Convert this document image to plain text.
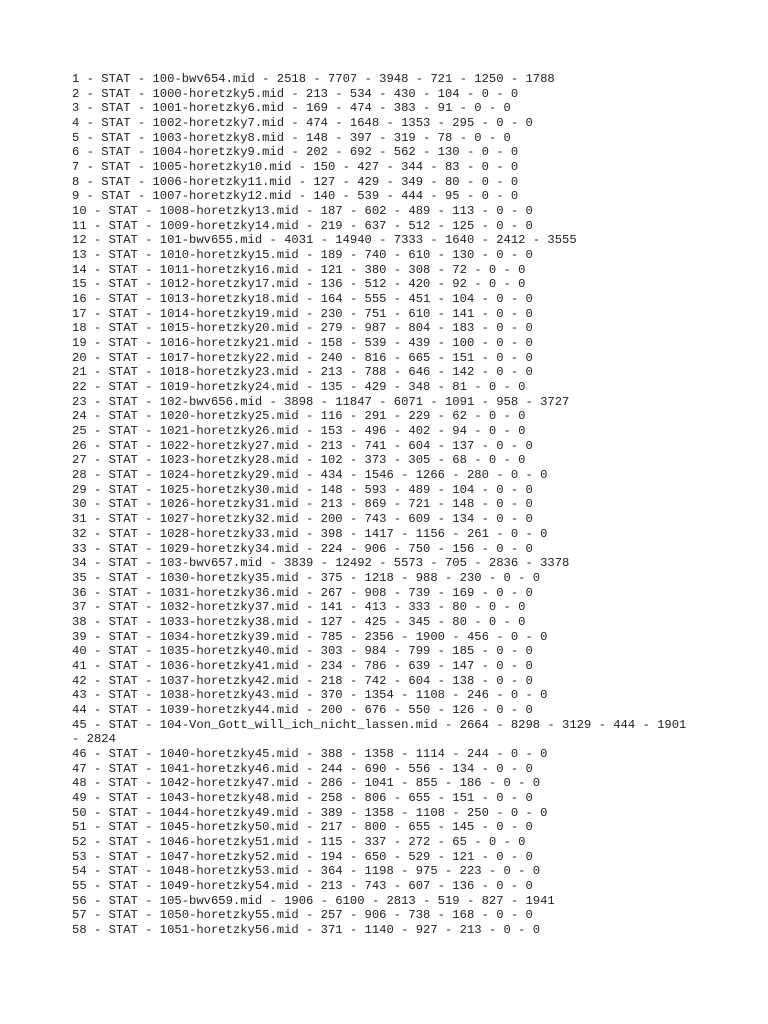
1 - STAT - 100-bwv654.mid - 2518 - 7707 - 3948 - 721 - 1250 - 1788
2 - STAT - 1000-horetzky5.mid - 213 - 534 - 430 - 104 - 0 - 0
3 - STAT - 1001-horetzky6.mid - 169 - 474 - 383 - 91 - 0 - 0
4 - STAT - 1002-horetzky7.mid - 474 - 1648 - 1353 - 295 - 0 - 0
5 - STAT - 1003-horetzky8.mid - 148 - 397 - 319 - 78 - 0 - 0
6 - STAT - 1004-horetzky9.mid - 202 - 692 - 562 - 130 - 0 - 0
7 - STAT - 1005-horetzky10.mid - 150 - 427 - 344 - 83 - 0 - 0
8 - STAT - 1006-horetzky11.mid - 127 - 429 - 349 - 80 - 0 - 0
9 - STAT - 1007-horetzky12.mid - 140 - 539 - 444 - 95 - 0 - 0
10 - STAT - 1008-horetzky13.mid - 187 - 602 - 489 - 113 - 0 - 0
11 - STAT - 1009-horetzky14.mid - 219 - 637 - 512 - 125 - 0 - 0
12 - STAT - 101-bwv655.mid - 4031 - 14940 - 7333 - 1640 - 2412 - 3555
13 - STAT - 1010-horetzky15.mid - 189 - 740 - 610 - 130 - 0 - 0
14 - STAT - 1011-horetzky16.mid - 121 - 380 - 308 - 72 - 0 - 0
15 - STAT - 1012-horetzky17.mid - 136 - 512 - 420 - 92 - 0 - 0
16 - STAT - 1013-horetzky18.mid - 164 - 555 - 451 - 104 - 0 - 0
17 - STAT - 1014-horetzky19.mid - 230 - 751 - 610 - 141 - 0 - 0
18 - STAT - 1015-horetzky20.mid - 279 - 987 - 804 - 183 - 0 - 0
19 - STAT - 1016-horetzky21.mid - 158 - 539 - 439 - 100 - 0 - 0
20 - STAT - 1017-horetzky22.mid - 240 - 816 - 665 - 151 - 0 - 0
21 - STAT - 1018-horetzky23.mid - 213 - 788 - 646 - 142 - 0 - 0
22 - STAT - 1019-horetzky24.mid - 135 - 429 - 348 - 81 - 0 - 0
23 - STAT - 102-bwv656.mid - 3898 - 11847 - 6071 - 1091 - 958 - 3727
24 - STAT - 1020-horetzky25.mid - 116 - 291 - 229 - 62 - 0 - 0
25 - STAT - 1021-horetzky26.mid - 153 - 496 - 402 - 94 - 0 - 0
26 - STAT - 1022-horetzky27.mid - 213 - 741 - 604 - 137 - 0 - 0
27 - STAT - 1023-horetzky28.mid - 102 - 373 - 305 - 68 - 0 - 0
28 - STAT - 1024-horetzky29.mid - 434 - 1546 - 1266 - 280 - 0 - 0
29 - STAT - 1025-horetzky30.mid - 148 - 593 - 489 - 104 - 0 - 0
30 - STAT - 1026-horetzky31.mid - 213 - 869 - 721 - 148 - 0 - 0
31 - STAT - 1027-horetzky32.mid - 200 - 743 - 609 - 134 - 0 - 0
32 - STAT - 1028-horetzky33.mid - 398 - 1417 - 1156 - 261 - 0 - 0
33 - STAT - 1029-horetzky34.mid - 224 - 906 - 750 - 156 - 0 - 0
34 - STAT - 103-bwv657.mid - 3839 - 12492 - 5573 - 705 - 2836 - 3378
35 - STAT - 1030-horetzky35.mid - 375 - 1218 - 988 - 230 - 0 - 0
36 - STAT - 1031-horetzky36.mid - 267 - 908 - 739 - 169 - 0 - 0
37 - STAT - 1032-horetzky37.mid - 141 - 413 - 333 - 80 - 0 - 0
38 - STAT - 1033-horetzky38.mid - 127 - 425 - 345 - 80 - 0 - 0
39 - STAT - 1034-horetzky39.mid - 785 - 2356 - 1900 - 456 - 0 - 0
40 - STAT - 1035-horetzky40.mid - 303 - 984 - 799 - 185 - 0 - 0
41 - STAT - 1036-horetzky41.mid - 234 - 786 - 639 - 147 - 0 - 0
42 - STAT - 1037-horetzky42.mid - 218 - 742 - 604 - 138 - 0 - 0
43 - STAT - 1038-horetzky43.mid - 370 - 1354 - 1108 - 246 - 0 - 0
44 - STAT - 1039-horetzky44.mid - 200 - 676 - 550 - 126 - 0 - 0
45 - STAT - 104-Von_Gott_will_ich_nicht_lassen.mid - 2664 - 8298 - 3129 - 444 - 1901 - 2824
46 - STAT - 1040-horetzky45.mid - 388 - 1358 - 1114 - 244 - 0 - 0
47 - STAT - 1041-horetzky46.mid - 244 - 690 - 556 - 134 - 0 - 0
48 - STAT - 1042-horetzky47.mid - 286 - 1041 - 855 - 186 - 0 - 0
49 - STAT - 1043-horetzky48.mid - 258 - 806 - 655 - 151 - 0 - 0
50 - STAT - 1044-horetzky49.mid - 389 - 1358 - 1108 - 250 - 0 - 0
51 - STAT - 1045-horetzky50.mid - 217 - 800 - 655 - 145 - 0 - 0
52 - STAT - 1046-horetzky51.mid - 115 - 337 - 272 - 65 - 0 - 0
53 - STAT - 1047-horetzky52.mid - 194 - 650 - 529 - 121 - 0 - 0
54 - STAT - 1048-horetzky53.mid - 364 - 1198 - 975 - 223 - 0 - 0
55 - STAT - 1049-horetzky54.mid - 213 - 743 - 607 - 136 - 0 - 0
56 - STAT - 105-bwv659.mid - 1906 - 6100 - 2813 - 519 - 827 - 1941
57 - STAT - 1050-horetzky55.mid - 257 - 906 - 738 - 168 - 0 - 0
58 - STAT - 1051-horetzky56.mid - 371 - 1140 - 927 - 213 - 0 - 0
